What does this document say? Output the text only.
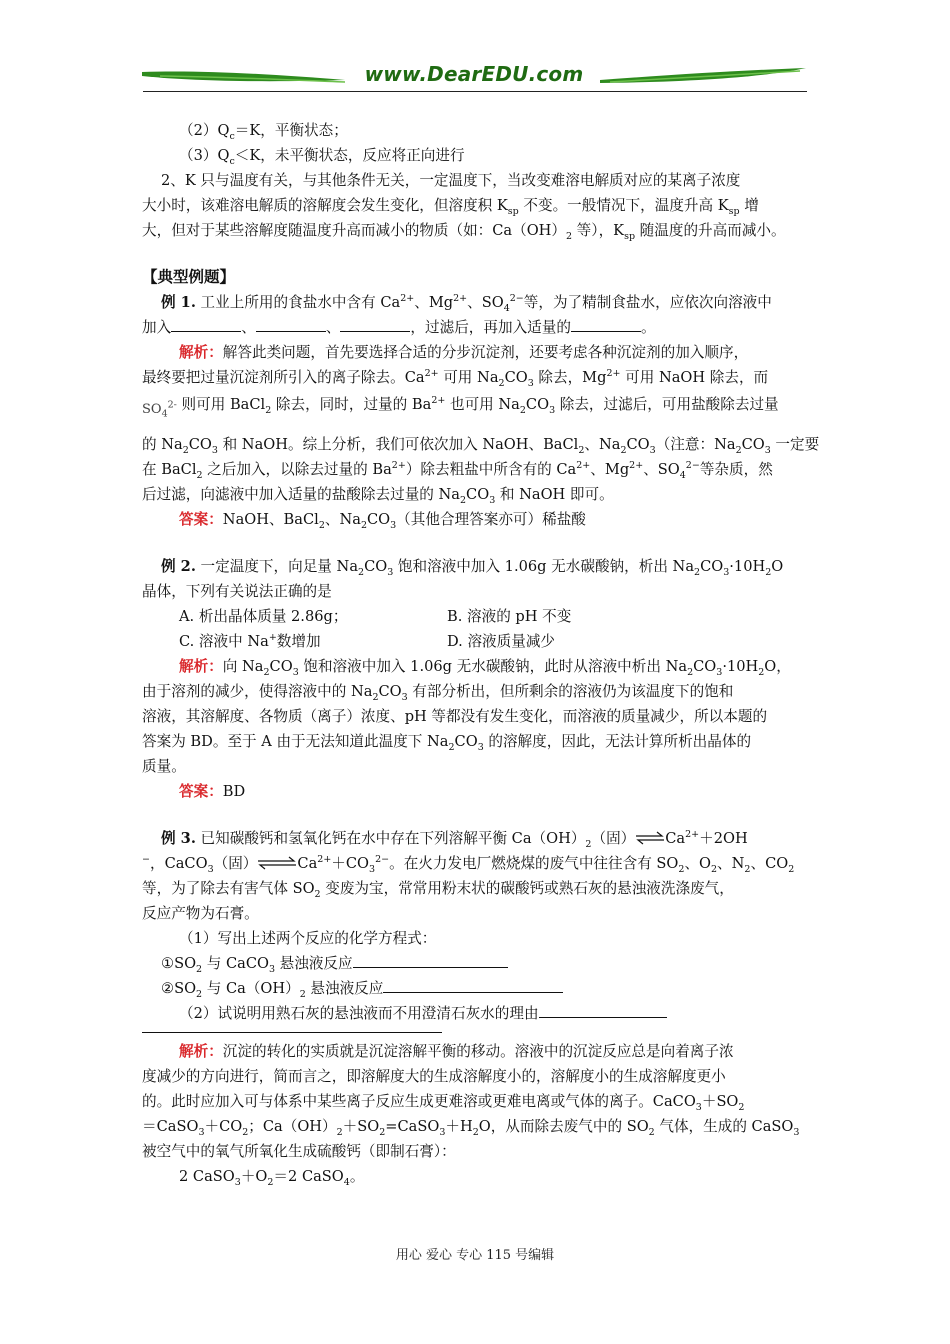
www.DearEDU.com
$(2)Q_c=K$，平衡状态；
$(3)Q_c<K$，未平衡状态，反应将正向进行
2、K 只与温度有关，与其他条件无关，一定温度下，当改变难溶电解质对应的某离子浓度
大小时，该难溶电解质的溶解度会发生变化，但溶度积 $K_{sp}$ 不变。一般情况下，温度升高 $K_{sp}$ 增
大，但对于某些溶解度随温度升高而减小的物质（如：$Ca(OH)_2$ 等），$K_{sp}$ 随温度的升高而减小。
【典型例题】
例 1. 工业上所用的食盐水中含有 $Ca^{2+}$、$Mg^{2+}$、$SO_4^{2-}$等，为了精制食盐水，应依次向溶液中
加入	、	、	，过滤后，再加入适量的	。
解析：解答此类问题，首先要选择合适的分步沉淀剂，还要考虑各种沉淀剂的加入顺序，
最终要把过量沉淀剂所引入的离子除去。$Ca^{2+}$ 可用 $Na_2CO_3$ 除去，$Mg^{2+}$ 可用 NaOH 除去，而
$SO_4^{2-}$ 则可用 BaCl$_2$ 除去，同时，过量的 $Ba^{2+}$ 也可用 $Na_2CO_3$ 除去，过滤后，可用盐酸除去过量
的 $Na_2CO_3$ 和 NaOH。综上分析，我们可依次加入 NaOH、BaCl$_2$、$Na_2CO_3$（注意：$Na_2CO_3$ 一定要
在 BaCl$_2$ 之后加入，以除去过量的 $Ba^{2+}$）除去粗盐中所含有的 $Ca^{2+}$、$Mg^{2+}$、$SO_4^{2-}$等杂质，然
后过滤，向滤液中加入适量的盐酸除去过量的 $Na_2CO_3$ 和 NaOH 即可。
答案：NaOH、BaCl$_2$、$Na_2CO_3$（其他合理答案亦可）稀盐酸
例 2. 一定温度下，向足量 $Na_2CO_3$ 饱和溶液中加入 1.06g 无水碳酸钠，析出 $Na_2CO_3\cdot 10H_2O$
晶体，下列有关说法正确的是
A. 析出晶体质量 2.86g；	B. 溶液的 pH 不变
C. 溶液中 Na+数增加	D. 溶液质量减少
解析：向 $Na_2CO_3$ 饱和溶液中加入 1.06g 无水碳酸钠，此时从溶液中析出 $Na_2CO_3\cdot 10H_2O$，
由于溶剂的减少，使得溶液中的 $Na_2CO_3$ 有部分析出，但所剩余的溶液仍为该温度下的饱和
溶液，其溶解度、各物质（离子）浓度、pH 等都没有发生变化，而溶液的质量减少，所以本题的
答案为 BD。至于 A 由于无法知道此温度下 $Na_2CO_3$ 的溶解度，因此，无法计算所析出晶体的
质量。
答案：BD
例 3. 已知碳酸钙和氢氧化钙在水中存在下列溶解平衡 $Ca(OH)_2$（固）$\rightleftharpoons Ca^{2+}+2OH$
−，CaCO$_3$（固）$\rightleftharpoons Ca^{2+}+CO_3^{2-}$。在火力发电厂燃烧煤的废气中往往含有 $SO_2$、$O_2$、$N_2$、$CO_2$
等，为了除去有害气体 $SO_2$ 变废为宝，常常用粉末状的碳酸钙或熟石灰的悬浊液洗涤废气，
反应产物为石膏。
（1）写出上述两个反应的化学方程式：
$①SO_2$ 与 CaCO$_3$ 悬浊液反应
$②SO_2$ 与 $Ca(OH)_2$ 悬浊液反应
（2）试说明用熟石灰的悬浊液而不用澄清石灰水的理由
解析：沉淀的转化的实质就是沉淀溶解平衡的移动。溶液中的沉淀反应总是向着离子浓
度减少的方向进行，简而言之，即溶解度大的生成溶解度小的，溶解度小的生成溶解度更小
的。此时应加入可与体系中某些离子反应生成更难溶或更难电离或气体的离子。$CaCO_3+SO_2$
$=CaSO_3+CO_2$；$Ca(OH)_2+SO_2=CaSO_3+H_2O$，从而除去废气中的 $SO_2$ 气体，生成的 CaSO$_3$
被空气中的氧气所氧化生成硫酸钙（即制石膏）：
2 $CaSO_3+O_2=2$ CaSO$_4$。
用心 爱心 专心 115 号编辑
